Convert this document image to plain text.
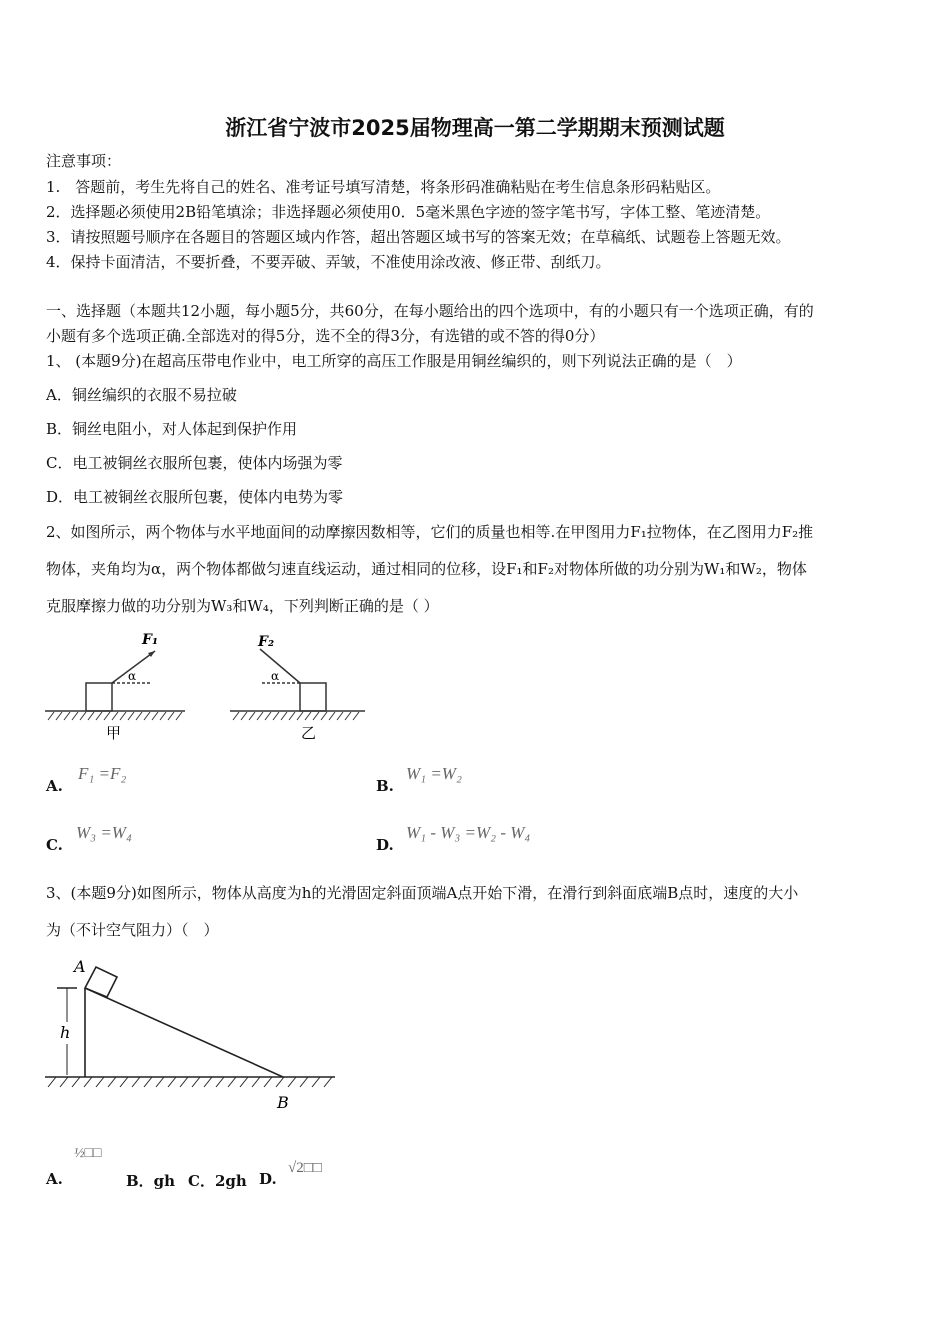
浙江省宁波市2025届物理高一第二学期期末预测试题
注意事项：
1.　答题前，考生先将自己的姓名、准考证号填写清楚，将条形码准确粘贴在考生信息条形码粘贴区。
2．选择题必须使用2B铅笔填涂；非选择题必须使用0．5毫米黑色字迹的签字笔书写，字体工整、笔迹清楚。
3．请按照题号顺序在各题目的答题区域内作答，超出答题区域书写的答案无效；在草稿纸、试题卷上答题无效。
4．保持卡面清洁，不要折叠，不要弄破、弄皱，不准使用涂改液、修正带、刮纸刀。
一、选择题（本题共12小题，每小题5分，共60分，在每小题给出的四个选项中，有的小题只有一个选项正确，有的
小题有多个选项正确.全部选对的得5分，选不全的得3分，有选错的或不答的得0分）
1、 (本题9分)在超高压带电作业中，电工所穿的高压工作服是用铜丝编织的，则下列说法正确的是（　）
A．铜丝编织的衣服不易拉破
B．铜丝电阻小，对人体起到保护作用
C．电工被铜丝衣服所包裹，使体内场强为零
D．电工被铜丝衣服所包裹，使体内电势为零
2、如图所示，两个物体与水平地面间的动摩擦因数相等，它们的质量也相等.在甲图用力F₁拉物体，在乙图用力F₂推
物体，夹角均为α，两个物体都做匀速直线运动，通过相同的位移，设F₁和F₂对物体所做的功分别为W₁和W₂，物体
克服摩擦力做的功分别为W₃和W₄，下列判断正确的是（ ）
F₁
α
F₂
α
甲	乙
A.
F₁ =F₂
B.
W₁ =W₂
C.
W₃ =W₄
D.
W₁ - W₃ =W₂ - W₄
3、(本题9分)如图所示，物体从高度为h的光滑固定斜面顶端A点开始下滑，在滑行到斜面底端B点时，速度的大小
为（不计空气阻力）（　）
A
B
h
A.
½□□
B．gh C．2gh D.
√2□□
